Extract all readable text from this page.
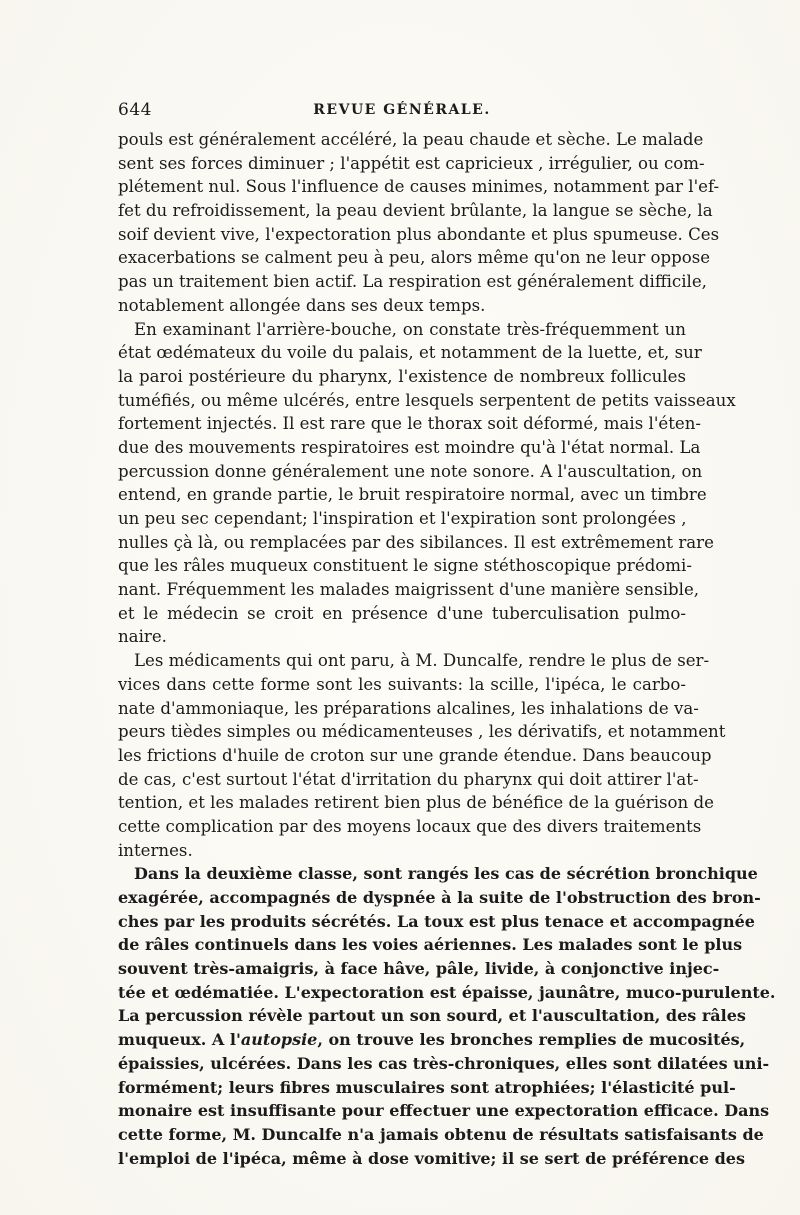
644	REVUE GÉNÉRALE.
pouls est généralement accéléré, la peau chaude et sèche. Le malade
sent ses forces diminuer ; l'appétit est capricieux , irrégulier, ou com-
plétement nul. Sous l'influence de causes minimes, notamment par l'ef-
fet du refroidissement, la peau devient brûlante, la langue se sèche, la
soif devient vive, l'expectoration plus abondante et plus spumeuse. Ces
exacerbations se calment peu à peu, alors même qu'on ne leur oppose
pas un traitement bien actif. La respiration est généralement difficile,
notablement allongée dans ses deux temps.
En examinant l'arrière-bouche, on constate très-fréquemment un
état œdémateux du voile du palais, et notamment de la luette, et, sur
la paroi postérieure du pharynx, l'existence de nombreux follicules
tuméfiés, ou même ulcérés, entre lesquels serpentent de petits vaisseaux
fortement injectés. Il est rare que le thorax soit déformé, mais l'éten-
due des mouvements respiratoires est moindre qu'à l'état normal. La
percussion donne généralement une note sonore. A l'auscultation, on
entend, en grande partie, le bruit respiratoire normal, avec un timbre
un peu sec cependant; l'inspiration et l'expiration sont prolongées ,
nulles çà là, ou remplacées par des sibilances. Il est extrêmement rare
que les râles muqueux constituent le signe stéthoscopique prédomi-
nant. Fréquemment les malades maigrissent d'une manière sensible,
et le médecin se croit en présence d'une tuberculisation pulmo-
naire.
Les médicaments qui ont paru, à M. Duncalfe, rendre le plus de ser-
vices dans cette forme sont les suivants: la scille, l'ipéca, le carbo-
nate d'ammoniaque, les préparations alcalines, les inhalations de va-
peurs tièdes simples ou médicamenteuses , les dérivatifs, et notamment
les frictions d'huile de croton sur une grande étendue. Dans beaucoup
de cas, c'est surtout l'état d'irritation du pharynx qui doit attirer l'at-
tention, et les malades retirent bien plus de bénéfice de la guérison de
cette complication par des moyens locaux que des divers traitements
internes.
Dans la deuxième classe, sont rangés les cas de sécrétion bronchique
exagérée, accompagnés de dyspnée à la suite de l'obstruction des bron-
ches par les produits sécrétés. La toux est plus tenace et accompagnée
de râles continuels dans les voies aériennes. Les malades sont le plus
souvent très-amaigris, à face hâve, pâle, livide, à conjonctive injec-
tée et œdématiée. L'expectoration est épaisse, jaunâtre, muco-purulente.
La percussion révèle partout un son sourd, et l'auscultation, des râles
muqueux. A l'autopsie, on trouve les bronches remplies de mucosités,
épaissies, ulcérées. Dans les cas très-chroniques, elles sont dilatées uni-
formément; leurs fibres musculaires sont atrophiées; l'élasticité pul-
monaire est insuffisante pour effectuer une expectoration efficace. Dans
cette forme, M. Duncalfe n'a jamais obtenu de résultats satisfaisants de
l'emploi de l'ipéca, même à dose vomitive; il se sert de préférence des
